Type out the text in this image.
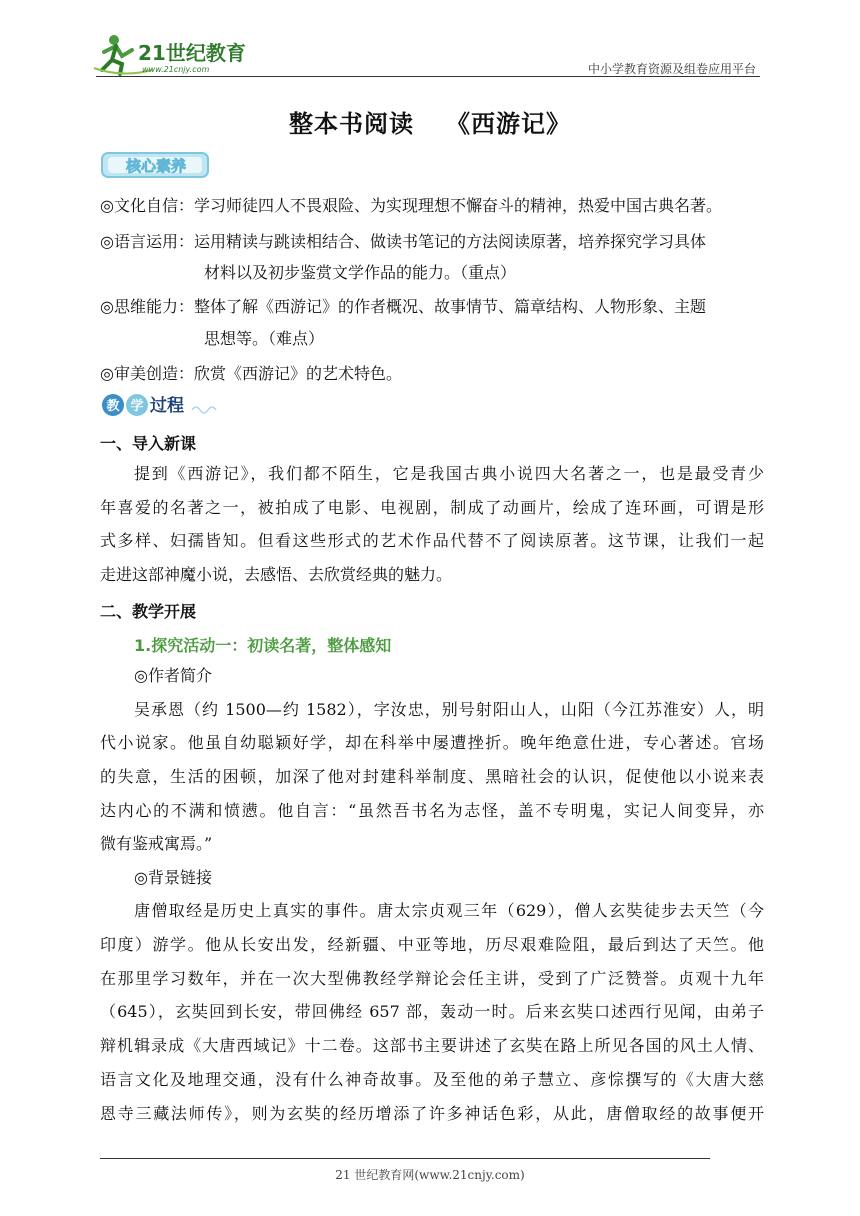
21世纪教育
www.21cnjy.com	中小学教育资源及组卷应用平台
整本书阅读 《西游记》
核心素养
◎文化自信：学习师徒四人不畏艰险、为实现理想不懈奋斗的精神，热爱中国古典名著。
◎语言运用：运用精读与跳读相结合、做读书笔记的方法阅读原著，培养探究学习具体
材料以及初步鉴赏文学作品的能力。（重点）
◎思维能力：整体了解《西游记》的作者概况、故事情节、篇章结构、人物形象、主题
思想等。（难点）
◎审美创造：欣赏《西游记》的艺术特色。
教 学 过程
一、导入新课
提到《西游记》，我们都不陌生，它是我国古典小说四大名著之一，也是最受青少
年喜爱的名著之一，被拍成了电影、电视剧，制成了动画片，绘成了连环画，可谓是形
式多样、妇孺皆知。但看这些形式的艺术作品代替不了阅读原著。这节课，让我们一起
走进这部神魔小说，去感悟、去欣赏经典的魅力。
二、教学开展
1.探究活动一：初读名著，整体感知
◎作者简介
吴承恩（约 1500—约 1582），字汝忠，别号射阳山人，山阳（今江苏淮安）人，明
代小说家。他虽自幼聪颖好学，却在科举中屡遭挫折。晚年绝意仕进，专心著述。官场
的失意，生活的困顿，加深了他对封建科举制度、黑暗社会的认识，促使他以小说来表
达内心的不满和愤懑。他自言：“虽然吾书名为志怪，盖不专明鬼，实记人间变异，亦
微有鉴戒寓焉。”
◎背景链接
唐僧取经是历史上真实的事件。唐太宗贞观三年（629），僧人玄奘徒步去天竺（今
印度）游学。他从长安出发，经新疆、中亚等地，历尽艰难险阻，最后到达了天竺。他
在那里学习数年，并在一次大型佛教经学辩论会任主讲，受到了广泛赞誉。贞观十九年
（645），玄奘回到长安，带回佛经 657 部，轰动一时。后来玄奘口述西行见闻，由弟子
辩机辑录成《大唐西域记》十二卷。这部书主要讲述了玄奘在路上所见各国的风土人情、
语言文化及地理交通，没有什么神奇故事。及至他的弟子慧立、彦悰撰写的《大唐大慈
恩寺三藏法师传》，则为玄奘的经历增添了许多神话色彩，从此，唐僧取经的故事便开
21 世纪教育网(www.21cnjy.com)
